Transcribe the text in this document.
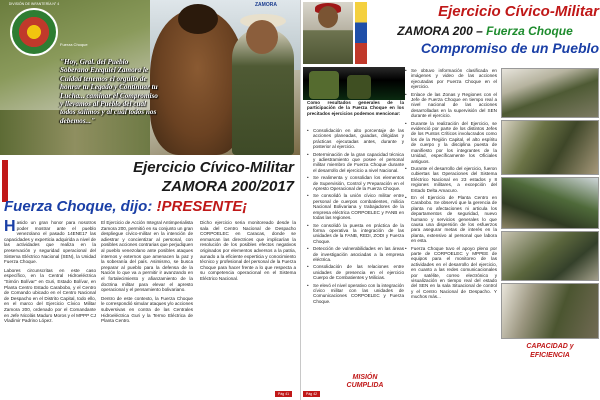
DIVISIÓN DE INFANTERÍA N° 4
Fuerza Choque
ZAMORA
"Hoy, Gral. del Pueblo Soberano Ezequiel Zamora le Cuidad tenemos el orgullo de honrar tu Legado y Continuar tu Lucha... caminar el Compromiso y llevamos al Pueblo del cual todos salimos y al cual todos nos debemos..."
Ejercicio Cívico-Militar
ZAMORA 200/2017
Fuerza Choque, dijo: !PRESENTE¡

Hasido un gran honor para nosotros poder mostrar ante el pueblo venezolano el pasado 14ENE17 las capacidades y experticia adquirida a nivel de las actividades que realiza en la preservación y seguridad operacional del Sistema Eléctrico Nacional (SEN), la Unidad Fuerza Choque.

Labores circunscritas en este caso específico, en la Central Hidroeléctrica "Simón Bolívar" en Guri, Estado Bolívar, en Planta Centro Estado Carabobo, y el Centro de Comando ubicado en el Centro Nacional de Despacho en el Distrito Capital, todo ello, en el marco del Ejercicio Cívico Militar Zamora 200, ordenado por el Comandante en Jefe Nicolás Maduro Moros y el MPPP CJ Vladimir Padrino López.

El Ejercicio de Acción Integral Antimperialista Zamora 200, permitió en su conjunto un gran despliegue cívico-militar en la intención de adiestrar y concientizar al personal, con posibles acciones contrarias que perjudiquen al pueblo venezolano ante posibles ataques internos y externos que amenacen la paz y la soberanía del país. Asimismo, se busca preparar al pueblo para la defensa de la Nación lo que va a permitir ir avanzando en el fortalecimiento y afianzamiento de la doctrina militar para elevar el apresto operacional y el pensamiento bolivariano.

Dentro de este contexto, la Fuerza Choque le correspondió simular ataques y/o acciones subversivas en contra de las Centrales Hidroeléctrica Guri y la Termo Eléctrica de Planta Centro.

Dicho ejercicio seria monitoreado desde la sala del Centro Nacional de Despacho CORPOELEC en Caracas, donde se enmarcan las directrices que implicarían la resolución de los posibles efectos negativos originados por elementos adversos a la patria, aunado a la eficiente experticia y conocimiento técnico y profesional del personal de la Fuerza Choque para hacer frente a lo que respecta a su competencia operacional en el Sistema Eléctrico Nacional.

Pág 41
Ejercicio Cívico-Militar
ZAMORA 200 – Fuerza Choque
Compromiso de un Pueblo
Como resultados generales de la participación de la Fuerza Choque en los precitados ejercicios podemos mencionar:
• Consolidación en alto porcentaje de las acciones planeadas, guiadas, dirigidas y prácticas ejecutadas antes, durante y posterior al ejercicio.
• Determinación de la gran capacidad técnica y adiestramiento que posee el personal militar miembro de Fuerza Choque durante el desarrollo del ejercicio a nivel Nacional.
• Se realimenta y consolidan los elementos de Supervisión, Control y Preparación en el Apresto Operacional de la Fuerza Choque.
• Se consolidó la unión cívico militar entre personal de cuerpos combatientes, milicia Nacional Bolivariana y trabajadores de la empresa eléctrica CORPOELEC y FANB en todas las regiones.
• Se consolidó la puesta en práctica de la forma operativa la integración de las unidades de la FANB, REDI, ZODI y Fuerza Choque.
• Detección de vulnerabilidades en las áreas de investigación asociadas a la empresa eléctrica.
• Consolidación de las relaciones entre unidades de presencia en el ejercicio Cuerpo de Combatientes y Milicias.
• Se elevó el nivel operativo con la integración cívico militar con las unidades de Comunicaciones CORPOELEC y Fuerza Choque.
• Se obtuvo información clasificada en imágenes y video de las acciones ejecutadas por Fuerza Choque en el ejercicio.
• Enlace de las Zonas y Regiones con el Jefe de Fuerza Choque en tiempo real a nivel nacional de las acciones desarrolladas en la supervisión del SEN durante el ejercicio.
• Durante la realización del Ejercicio, se evidenció por parte de los distintos Jefes de los Puntos Críticos involucrados como los de la Región Capital, el alto espíritu de cuerpo y la disciplina puesta de manifiesto por los integrantes de la Unidad, específicamente los Oficiales antiguos.
• Durante el desarrollo del ejercicio, fueron cubiertas las Operaciones del Sistema Eléctrico Nacional en 23 estados y 8 regiones militares, a excepción del Estado Delta Amacuro.
• En el Ejercicio de Planta Centro en Carabobo. Se observó que la gerencia de planta no afectaciones ni articula los departamentos de seguridad, nuevo humano y servicios generales lo que causa una dispersión de los esfuerzos para asegurar metas de interés en la planta, extensivo al personal que labora en esta.
• Fuerza Choque tuvo el apoyo pleno por parte de CORPOELEC y MPPEE de equipos para el monitoreo de las actividades en el desarrollo del ejercicio, en cuanto a las redes comunicacionales por satélite, correo electrónico y visualización en tiempo real del estado del SEN en la sala Situacional de control y el Centro Nacional de Despacho. Y muchos más...
MISIÓN
CUMPLIDA
CAPACIDAD y
EFICIENCIA
Pág 42
